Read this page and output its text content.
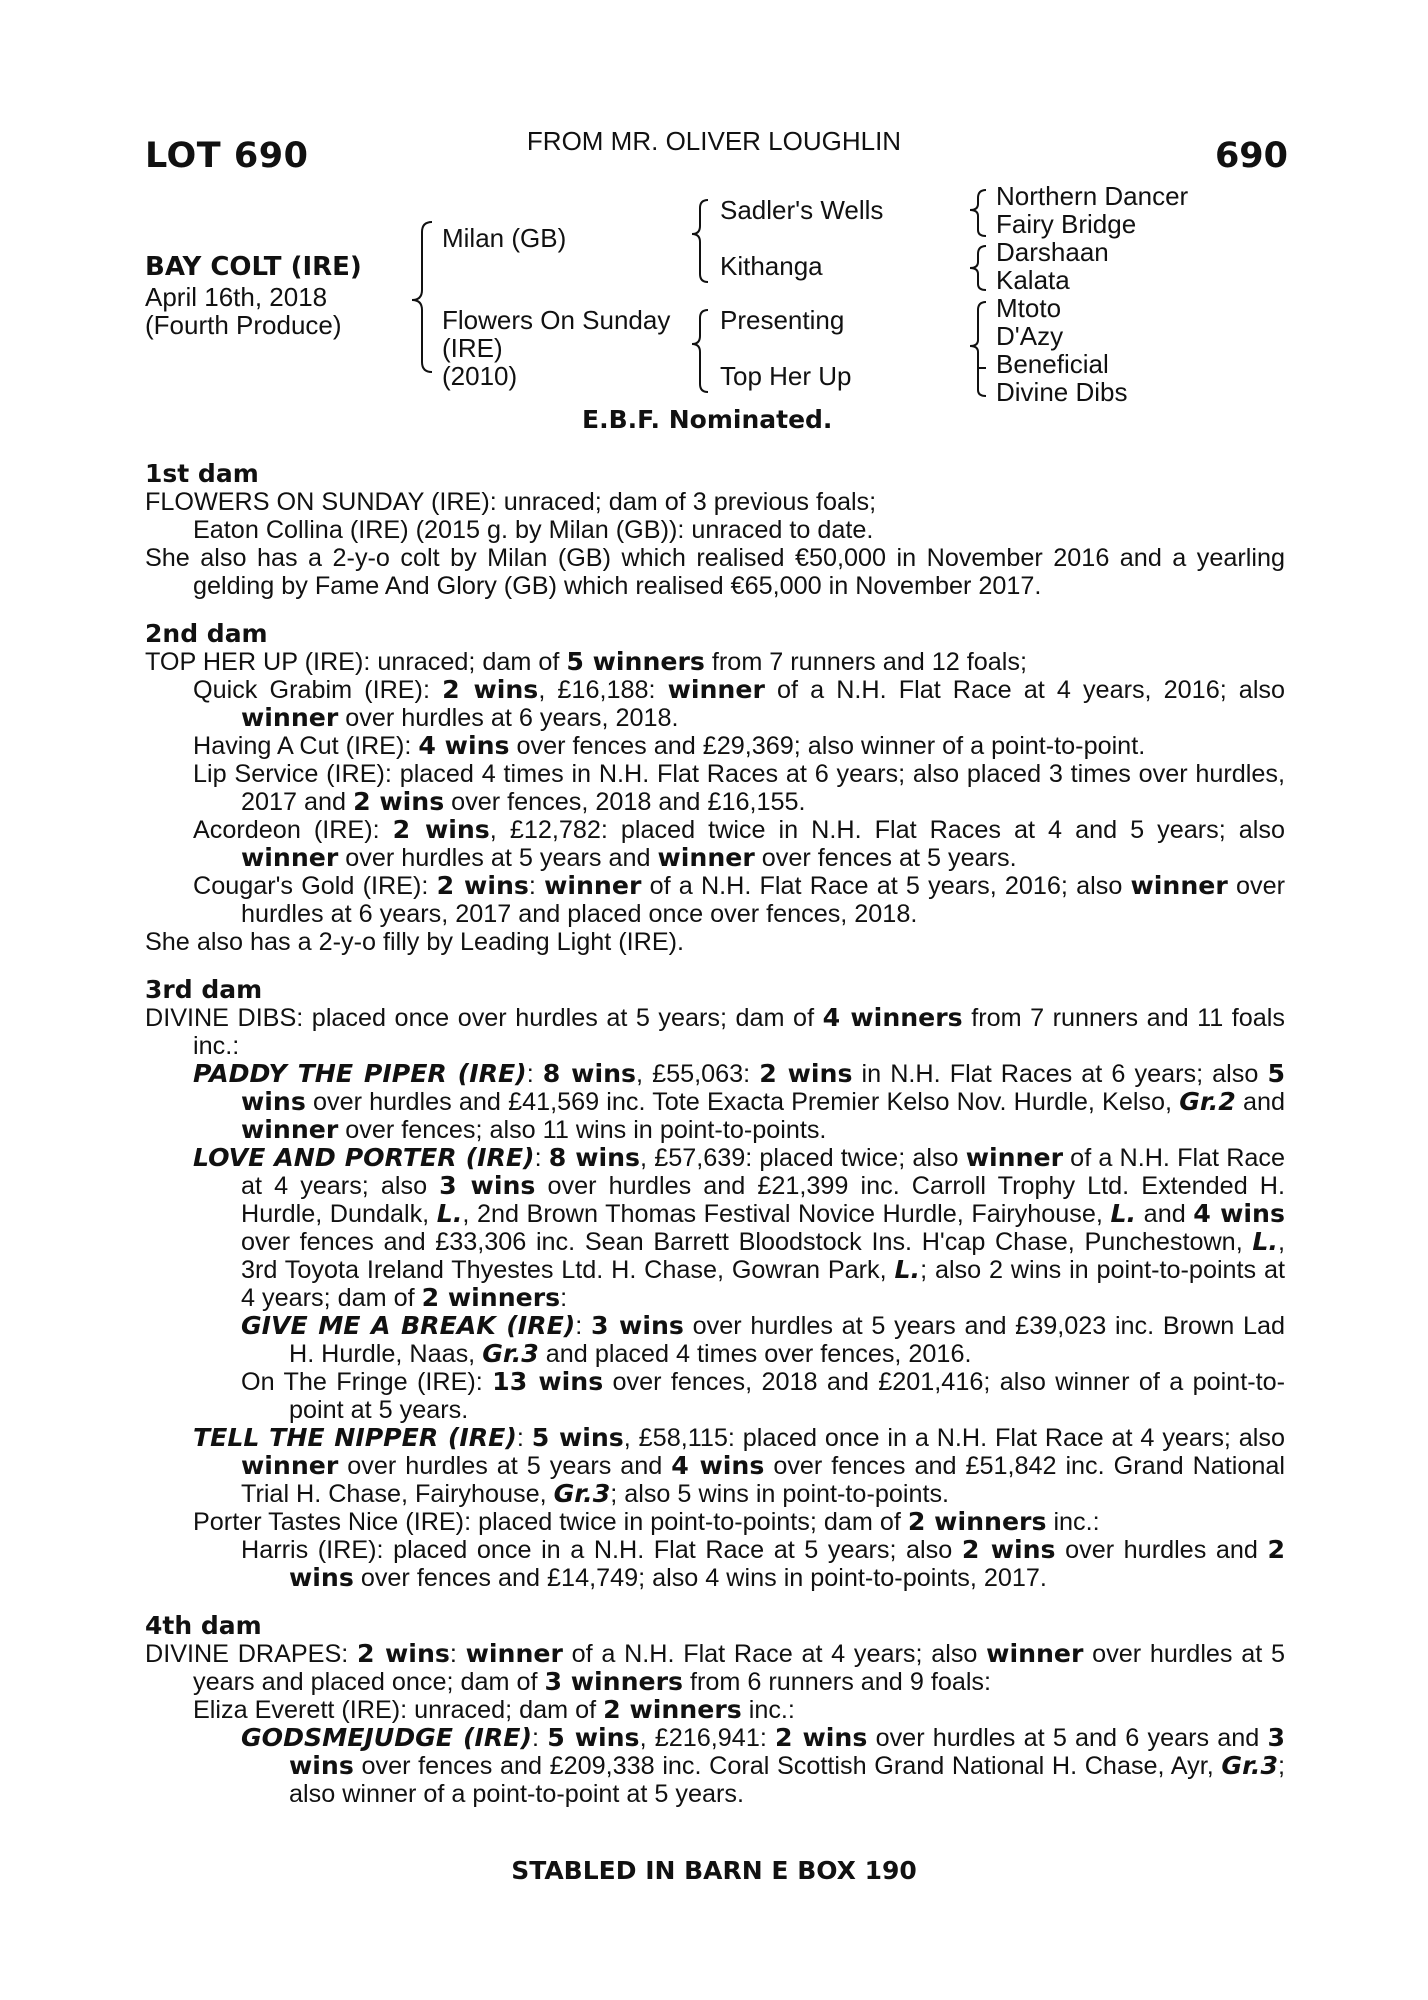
LOT 690	FROM MR. OLIVER LOUGHLIN	690
BAY COLT (IRE)
April 16th, 2018
(Fourth Produce)
Milan (GB)
Flowers On Sunday
(IRE)
(2010)
Sadler's Wells
Kithanga
Presenting
Top Her Up
Northern Dancer
Fairy Bridge
Darshaan
Kalata
Mtoto
D'Azy
Beneficial
Divine Dibs
E.B.F. Nominated.
1st dam
FLOWERS ON SUNDAY (IRE): unraced; dam of 3 previous foals;
Eaton Collina (IRE) (2015 g. by Milan (GB)): unraced to date.
She also has a 2-y-o colt by Milan (GB) which realised €50,000 in November 2016 and a yearling gelding by Fame And Glory (GB) which realised €65,000 in November 2017.
2nd dam
TOP HER UP (IRE): unraced; dam of 5 winners from 7 runners and 12 foals;
Quick Grabim (IRE): 2 wins, £16,188: winner of a N.H. Flat Race at 4 years, 2016; also winner over hurdles at 6 years, 2018.
Having A Cut (IRE): 4 wins over fences and £29,369; also winner of a point-to-point.
Lip Service (IRE): placed 4 times in N.H. Flat Races at 6 years; also placed 3 times over hurdles, 2017 and 2 wins over fences, 2018 and £16,155.
Acordeon (IRE): 2 wins, £12,782: placed twice in N.H. Flat Races at 4 and 5 years; also winner over hurdles at 5 years and winner over fences at 5 years.
Cougar's Gold (IRE): 2 wins: winner of a N.H. Flat Race at 5 years, 2016; also winner over hurdles at 6 years, 2017 and placed once over fences, 2018.
She also has a 2-y-o filly by Leading Light (IRE).
3rd dam
DIVINE DIBS: placed once over hurdles at 5 years; dam of 4 winners from 7 runners and 11 foals inc.:
PADDY THE PIPER (IRE): 8 wins, £55,063: 2 wins in N.H. Flat Races at 6 years; also 5 wins over hurdles and £41,569 inc. Tote Exacta Premier Kelso Nov. Hurdle, Kelso, Gr.2 and winner over fences; also 11 wins in point-to-points.
LOVE AND PORTER (IRE): 8 wins, £57,639: placed twice; also winner of a N.H. Flat Race at 4 years; also 3 wins over hurdles and £21,399 inc. Carroll Trophy Ltd. Extended H. Hurdle, Dundalk, L., 2nd Brown Thomas Festival Novice Hurdle, Fairyhouse, L. and 4 wins over fences and £33,306 inc. Sean Barrett Bloodstock Ins. H'cap Chase, Punchestown, L., 3rd Toyota Ireland Thyestes Ltd. H. Chase, Gowran Park, L.; also 2 wins in point-to-points at 4 years; dam of 2 winners:
GIVE ME A BREAK (IRE): 3 wins over hurdles at 5 years and £39,023 inc. Brown Lad H. Hurdle, Naas, Gr.3 and placed 4 times over fences, 2016.
On The Fringe (IRE): 13 wins over fences, 2018 and £201,416; also winner of a point-to-point at 5 years.
TELL THE NIPPER (IRE): 5 wins, £58,115: placed once in a N.H. Flat Race at 4 years; also winner over hurdles at 5 years and 4 wins over fences and £51,842 inc. Grand National Trial H. Chase, Fairyhouse, Gr.3; also 5 wins in point-to-points.
Porter Tastes Nice (IRE): placed twice in point-to-points; dam of 2 winners inc.:
Harris (IRE): placed once in a N.H. Flat Race at 5 years; also 2 wins over hurdles and 2 wins over fences and £14,749; also 4 wins in point-to-points, 2017.
4th dam
DIVINE DRAPES: 2 wins: winner of a N.H. Flat Race at 4 years; also winner over hurdles at 5 years and placed once; dam of 3 winners from 6 runners and 9 foals:
Eliza Everett (IRE): unraced; dam of 2 winners inc.:
GODSMEJUDGE (IRE): 5 wins, £216,941: 2 wins over hurdles at 5 and 6 years and 3 wins over fences and £209,338 inc. Coral Scottish Grand National H. Chase, Ayr, Gr.3; also winner of a point-to-point at 5 years.
STABLED IN BARN E BOX 190
